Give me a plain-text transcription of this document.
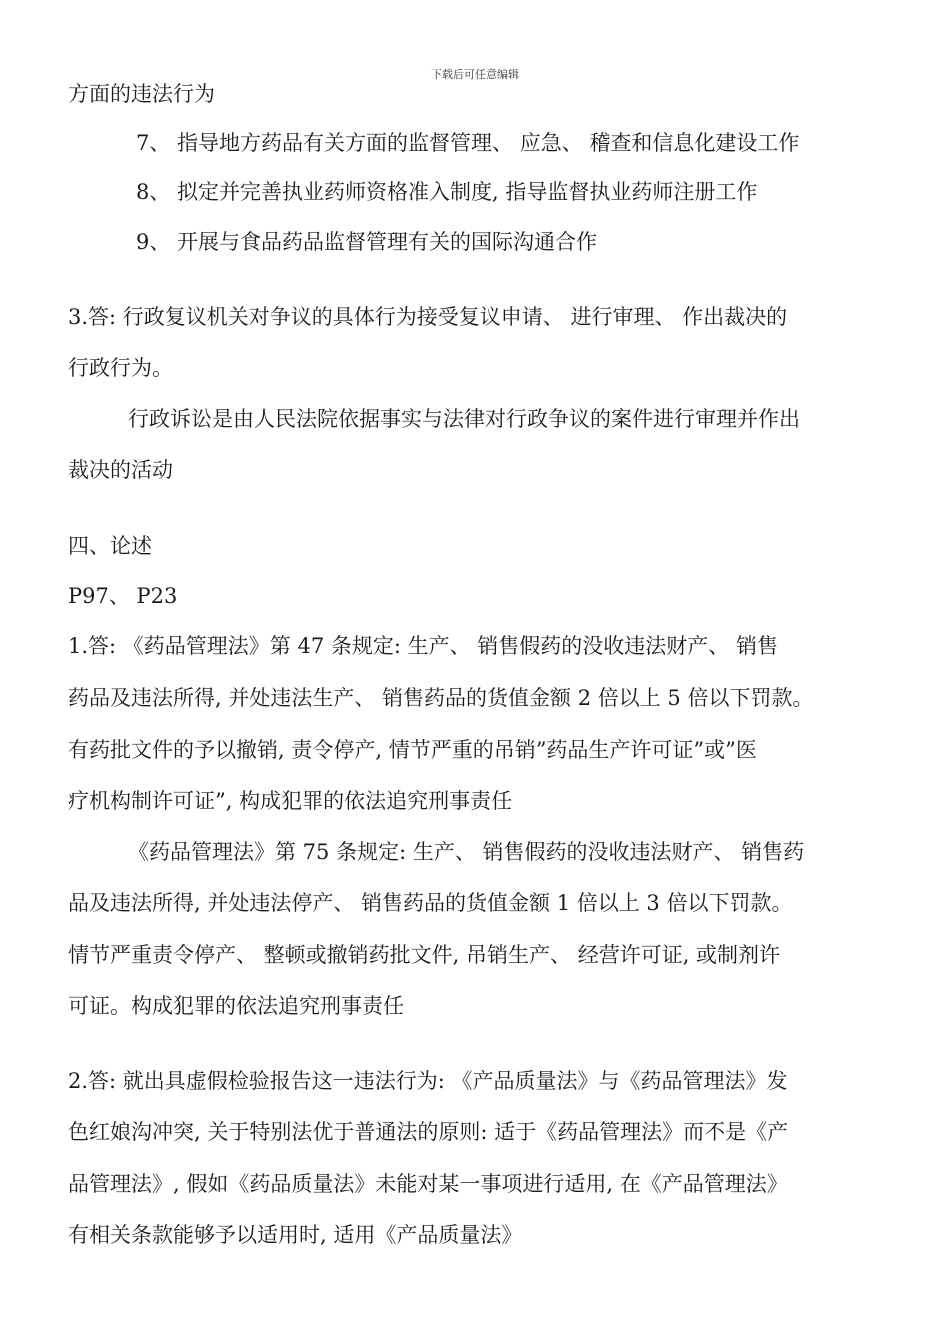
下载后可任意编辑
方面的违法行为
7、 指导地方药品有关方面的监督管理、 应急、 稽查和信息化建设工作
8、 拟定并完善执业药师资格准入制度, 指导监督执业药师注册工作
9、 开展与食品药品监督管理有关的国际沟通合作
3.答: 行政复议机关对争议的具体行为接受复议申请、 进行审理、 作出裁决的
行政行为。
行政诉讼是由人民法院依据事实与法律对行政争议的案件进行审理并作出
裁决的活动
四、论述
P97、 P23
1.答: 《药品管理法》第 47 条规定: 生产、 销售假药的没收违法财产、 销售
药品及违法所得, 并处违法生产、 销售药品的货值金额 2 倍以上 5 倍以下罚款。
有药批文件的予以撤销, 责令停产, 情节严重的吊销”药品生产许可证”或”医
疗机构制许可证”, 构成犯罪的依法追究刑事责任
《药品管理法》第 75 条规定: 生产、 销售假药的没收违法财产、 销售药
品及违法所得, 并处违法停产、 销售药品的货值金额 1 倍以上 3 倍以下罚款。
情节严重责令停产、 整顿或撤销药批文件, 吊销生产、 经营许可证, 或制剂许
可证。构成犯罪的依法追究刑事责任
2.答: 就出具虚假检验报告这一违法行为: 《产品质量法》与《药品管理法》发
色红娘沟冲突, 关于特别法优于普通法的原则: 适于《药品管理法》而不是《产
品管理法》, 假如《药品质量法》未能对某一事项进行适用, 在《产品管理法》
有相关条款能够予以适用时, 适用《产品质量法》
